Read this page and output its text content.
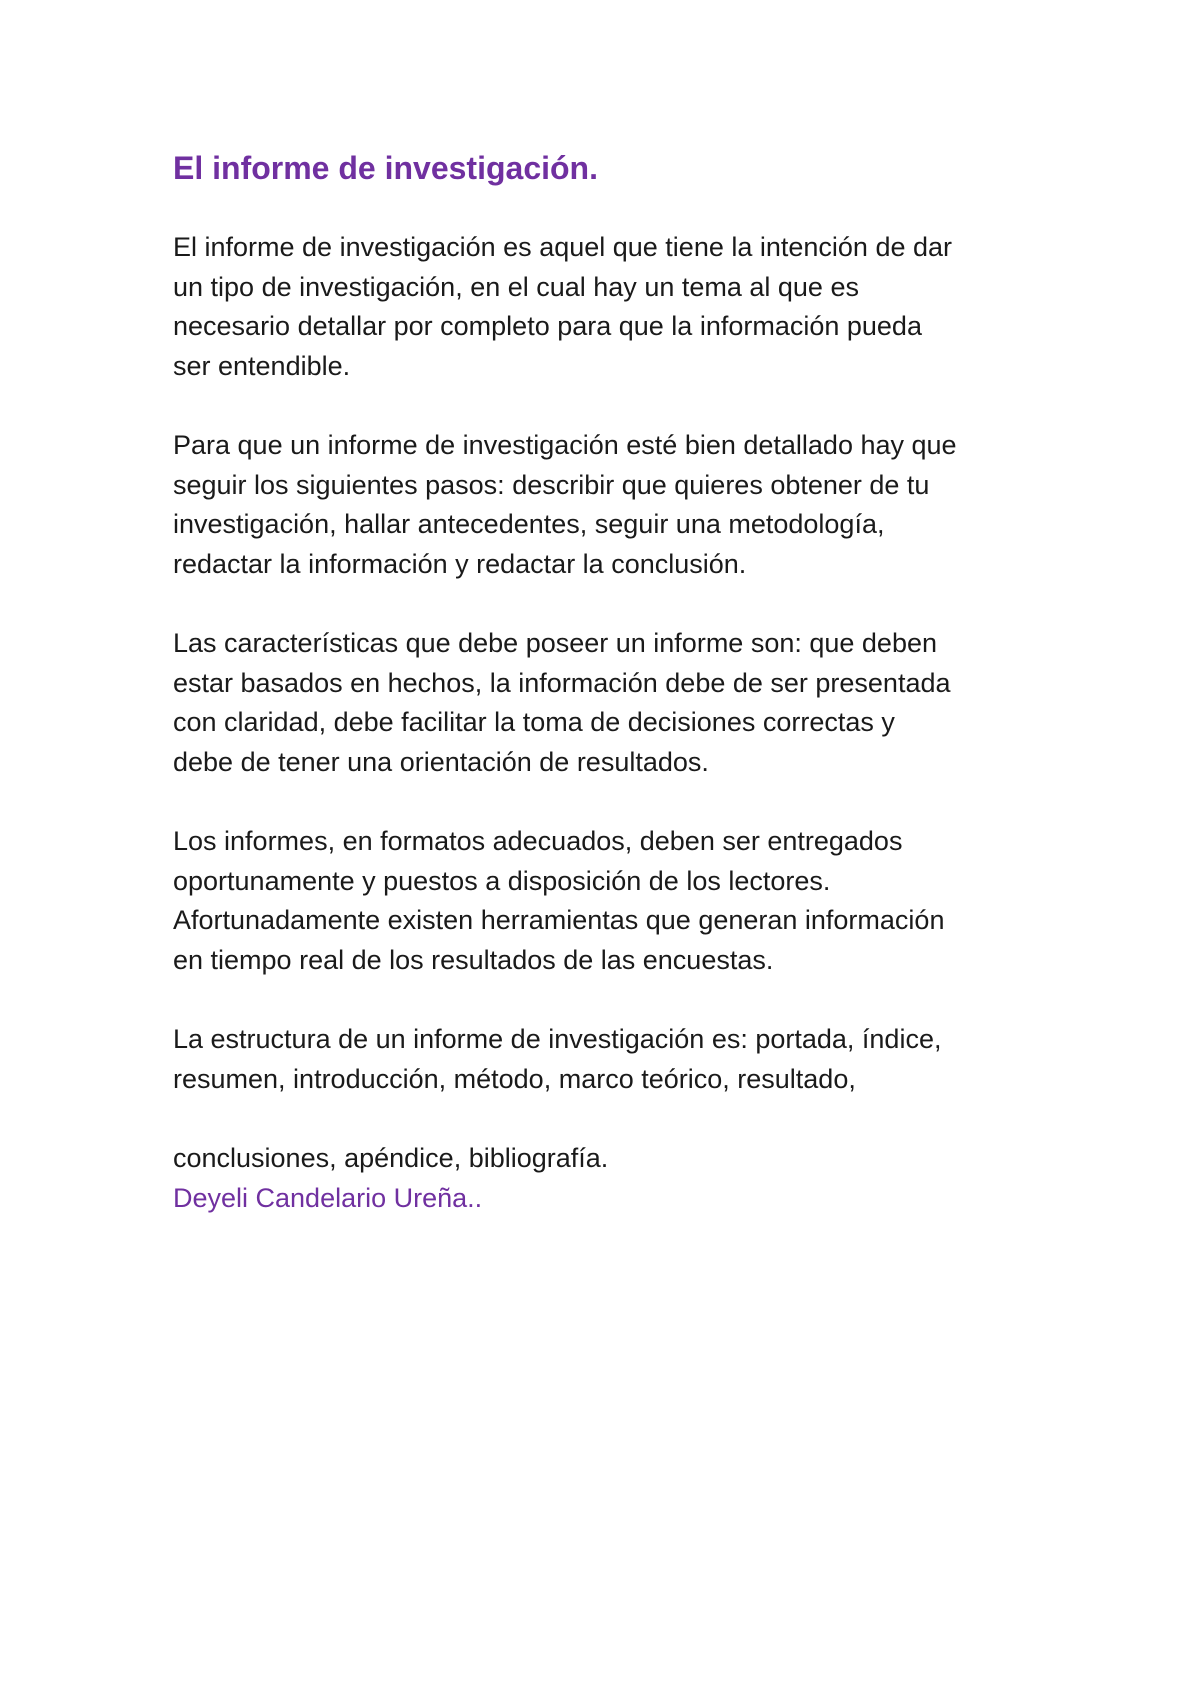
El informe de investigación.
El informe de investigación es aquel que tiene la intención de dar
un tipo de investigación, en el cual hay un tema al que es
necesario detallar por completo para que la información pueda
ser entendible.
Para que un informe de investigación esté bien detallado hay que
seguir los siguientes pasos: describir que quieres obtener de tu
investigación, hallar antecedentes, seguir una metodología,
redactar la información y redactar la conclusión.
Las características que debe poseer un informe son: que deben
estar basados en hechos, la información debe de ser presentada
con claridad, debe facilitar la toma de decisiones correctas y
debe de tener una orientación de resultados.
Los informes, en formatos adecuados, deben ser entregados
oportunamente y puestos a disposición de los lectores.
Afortunadamente existen herramientas que generan información
en tiempo real de los resultados de las encuestas.
La estructura de un informe de investigación es: portada, índice,
resumen, introducción, método, marco teórico, resultado,
conclusiones, apéndice, bibliografía.

Deyeli Candelario Ureña..
